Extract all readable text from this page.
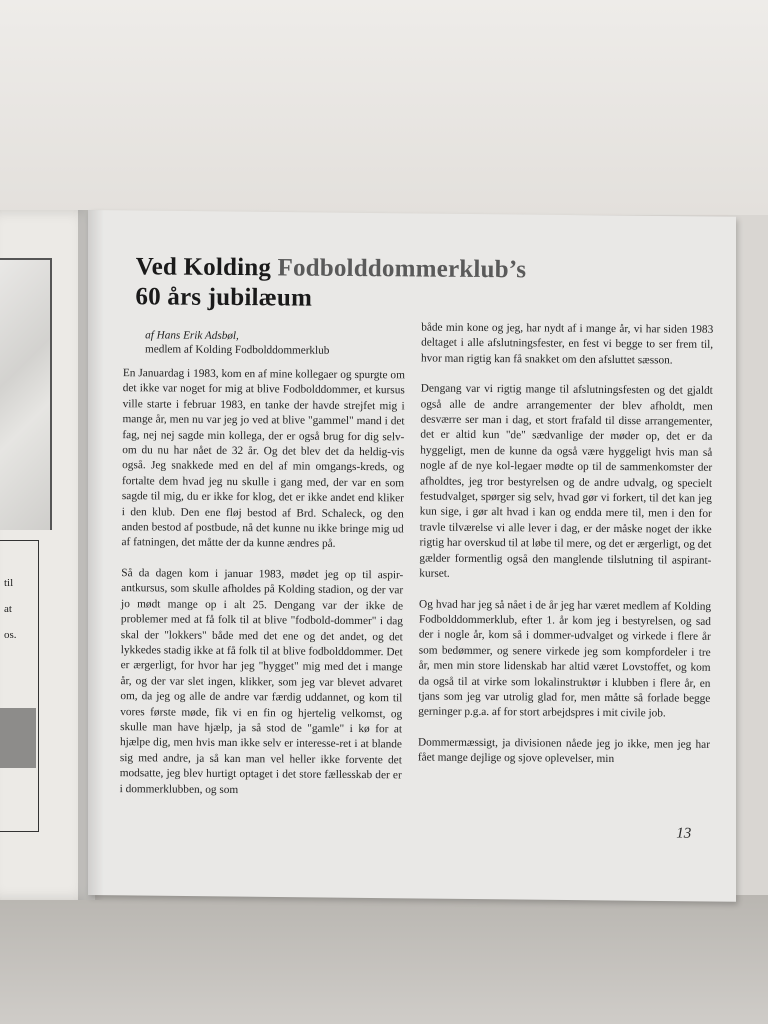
til
at
os.
Ved Kolding Fodbolddommerklub’s
60 års jubilæum
af Hans Erik Adsbøl,
medlem af Kolding Fodbolddommerklub

En Januardag i 1983, kom en af mine kollegaer og spurgte om det ikke var noget for mig at blive Fodbolddommer, et kursus ville starte i februar 1983, en tanke der havde strejfet mig i mange år, men nu var jeg jo ved at blive "gammel" mand i det fag, nej nej sagde min kollega, der er også brug for dig selv-om du nu har nået de 32 år. Og det blev det da heldig-vis også. Jeg snakkede med en del af min omgangs-kreds, og fortalte dem hvad jeg nu skulle i gang med, der var en som sagde til mig, du er ikke for klog, det er ikke andet end kliker i den klub. Den ene fløj bestod af Brd. Schaleck, og den anden bestod af postbude, nå det kunne nu ikke bringe mig ud af fatningen, det måtte der da kunne ændres på.

Så da dagen kom i januar 1983, mødet jeg op til aspir-antkursus, som skulle afholdes på Kolding stadion, og der var jo mødt mange op i alt 25. Dengang var der ikke de problemer med at få folk til at blive "fodbold-dommer" i dag skal der "lokkers" både med det ene og det andet, og det lykkedes stadig ikke at få folk til at blive fodbolddommer. Det er ærgerligt, for hvor har jeg "hygget" mig med det i mange år, og der var slet ingen, klikker, som jeg var blevet advaret om, da jeg og alle de andre var færdig uddannet, og kom til vores første møde, fik vi en fin og hjertelig velkomst, og skulle man have hjælp, ja så stod de "gamle" i kø for at hjælpe dig, men hvis man ikke selv er interesse-ret i at blande sig med andre, ja så kan man vel heller ikke forvente det modsatte, jeg blev hurtigt optaget i det store fællesskab der er i dommerklubben, og som

både min kone og jeg, har nydt af i mange år, vi har siden 1983 deltaget i alle afslutningsfester, en fest vi begge to ser frem til, hvor man rigtig kan få snakket om den afsluttet sæsson.

Dengang var vi rigtig mange til afslutningsfesten og det gjaldt også alle de andre arrangementer der blev afholdt, men desværre ser man i dag, et stort frafald til disse arrangementer, det er altid kun "de" sædvanlige der møder op, det er da hyggeligt, men de kunne da også være hyggeligt hvis man så nogle af de nye kol-legaer mødte op til de sammenkomster der afholdtes, jeg tror bestyrelsen og de andre udvalg, og specielt festudvalget, spørger sig selv, hvad gør vi forkert, til det kan jeg kun sige, i gør alt hvad i kan og endda mere til, men i den for travle tilværelse vi alle lever i dag, er der måske noget der ikke rigtig har overskud til at løbe til mere, og det er ærgerligt, og det gælder formentlig også den manglende tilslutning til aspirant-kurset.

Og hvad har jeg så nået i de år jeg har været medlem af Kolding Fodbolddommerklub, efter 1. år kom jeg i bestyrelsen, og sad der i nogle år, kom så i dommer-udvalget og virkede i flere år som bedømmer, og senere virkede jeg som kompfordeler i tre år, men min store lidenskab har altid været Lovstoffet, og kom da også til at virke som lokalinstruktør i klubben i flere år, en tjans som jeg var utrolig glad for, men måtte så forlade begge gerninger p.g.a. af for stort arbejdspres i mit civile job.

Dommermæssigt, ja divisionen nåede jeg jo ikke, men jeg har fået mange dejlige og sjove oplevelser, min

13
